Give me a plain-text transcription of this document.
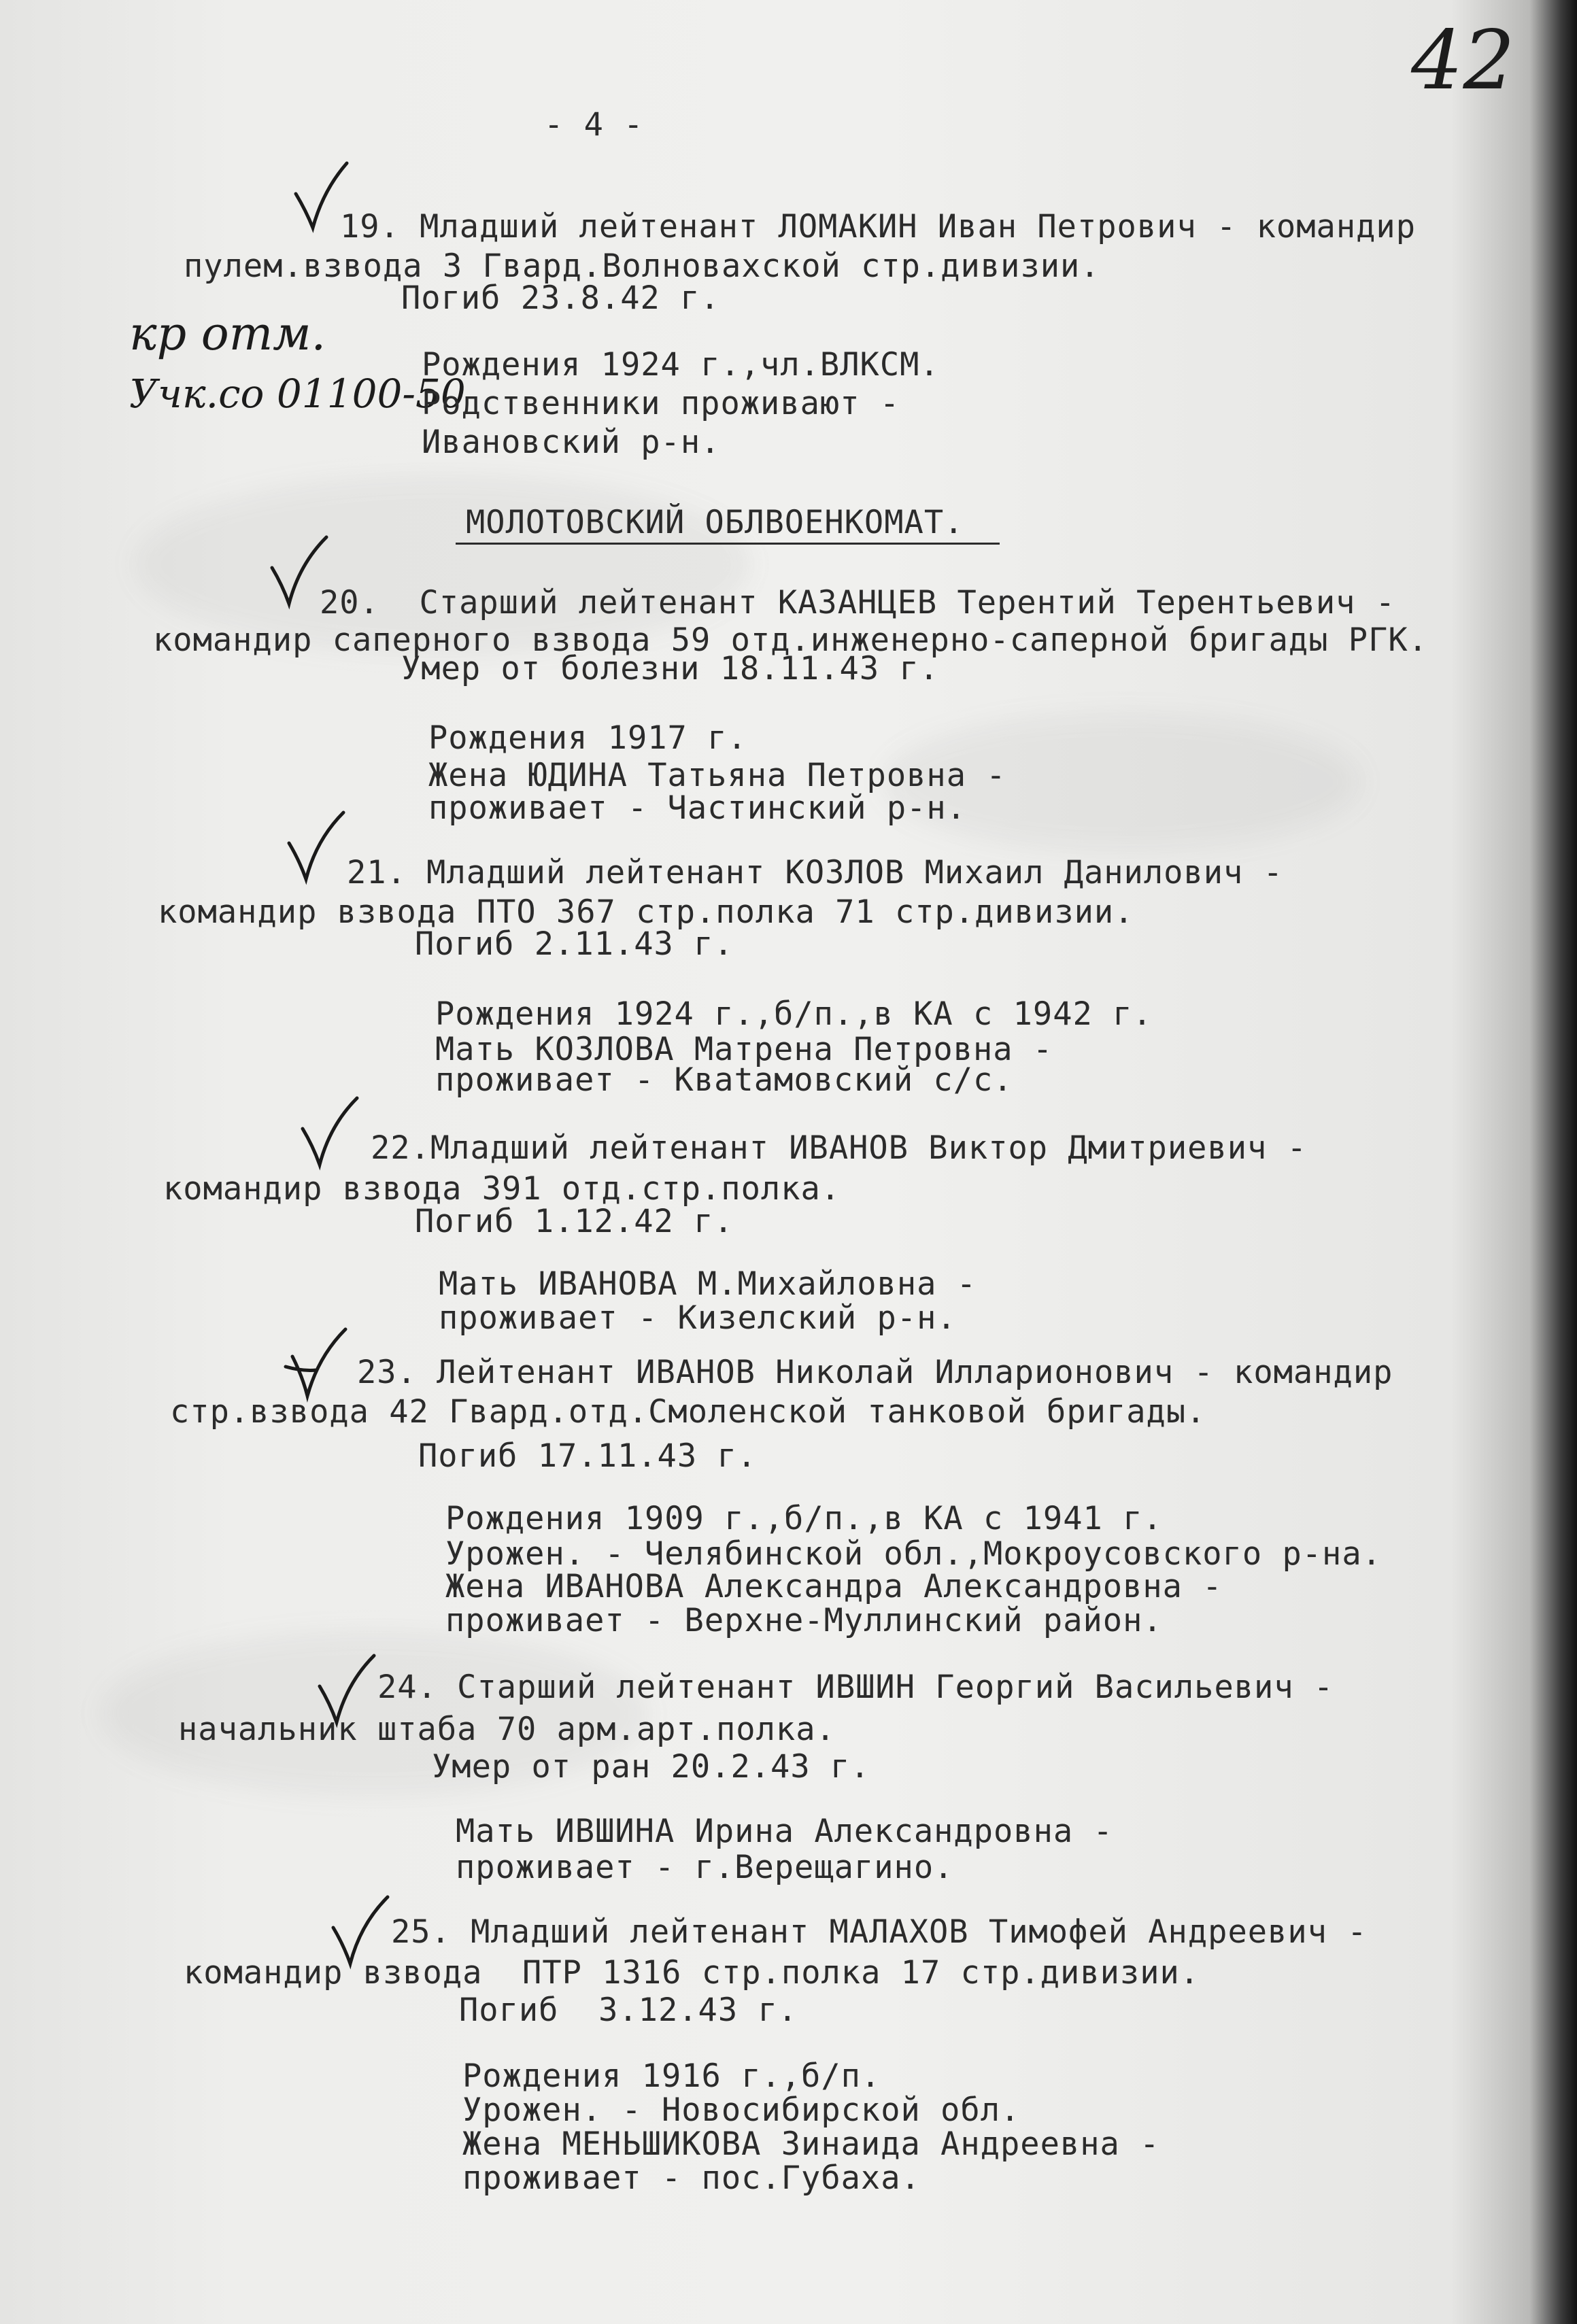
42
- 4 -
кр отм.
Учк.со 01100-50
МОЛОТОВСКИЙ ОБЛВОЕНКОМАТ.
19. Младший лейтенант ЛОМАКИН Иван Петрович - командир
пулем.взвода 3 Гвард.Волноваxской стр.дивизии.
Погиб 23.8.42 г.
Рождения 1924 г.,чл.ВЛКСМ.
Родственники проживают -
Ивановский р-н.
20.  Старший лейтенант КАЗАНЦЕВ Терентий Терентьевич -
командир саперного взвода 59 отд.инженерно-саперной бригады РГК.
Умер от болезни 18.11.43 г.
Рождения 1917 г.
Жена ЮДИНА Татьяна Петровна -
проживает - Частинский р-н.
21. Младший лейтенант КОЗЛОВ Михаил Данилович -
командир взвода ПТО 367 стр.полка 71 стр.дивизии.
Погиб 2.11.43 г.
Рождения 1924 г.,б/п.,в КА с 1942 г.
Мать КОЗЛОВА Матрена Петровна -
проживает - Кваtамовский с/с.
22.Младший лейтенант ИВАНОВ Виктор Дмитриевич -
командир взвода 391 отд.стр.полка.
Погиб 1.12.42 г.
Мать ИВАНОВА М.Михайловна -
проживает - Кизелский р-н.
23. Лейтенант ИВАНОВ Николай Илларионович - командир
стр.взвода 42 Гвард.отд.Смоленской танковой бригады.
Погиб 17.11.43 г.
Рождения 1909 г.,б/п.,в КА с 1941 г.
Урожен. - Челябинской обл.,Мокроусовского р-на.
Жена ИВАНОВА Александра Александровна -
проживает - Верхне-Муллинский район.
24. Старший лейтенант ИВШИН Георгий Васильевич -
начальник штаба 70 арм.арт.полка.
Умер от ран 20.2.43 г.
Мать ИВШИНА Ирина Александровна -
проживает - г.Верещагино.
25. Младший лейтенант МАЛАХОВ Тимофей Андреевич -
командир взвода  ПТР 1316 стр.полка 17 стр.дивизии.
Погиб  3.12.43 г.
Рождения 1916 г.,б/п.
Урожен. - Новосибирской обл.
Жена МЕНЬШИКОВА Зинаида Андреевна -
проживает - пос.Губаха.
